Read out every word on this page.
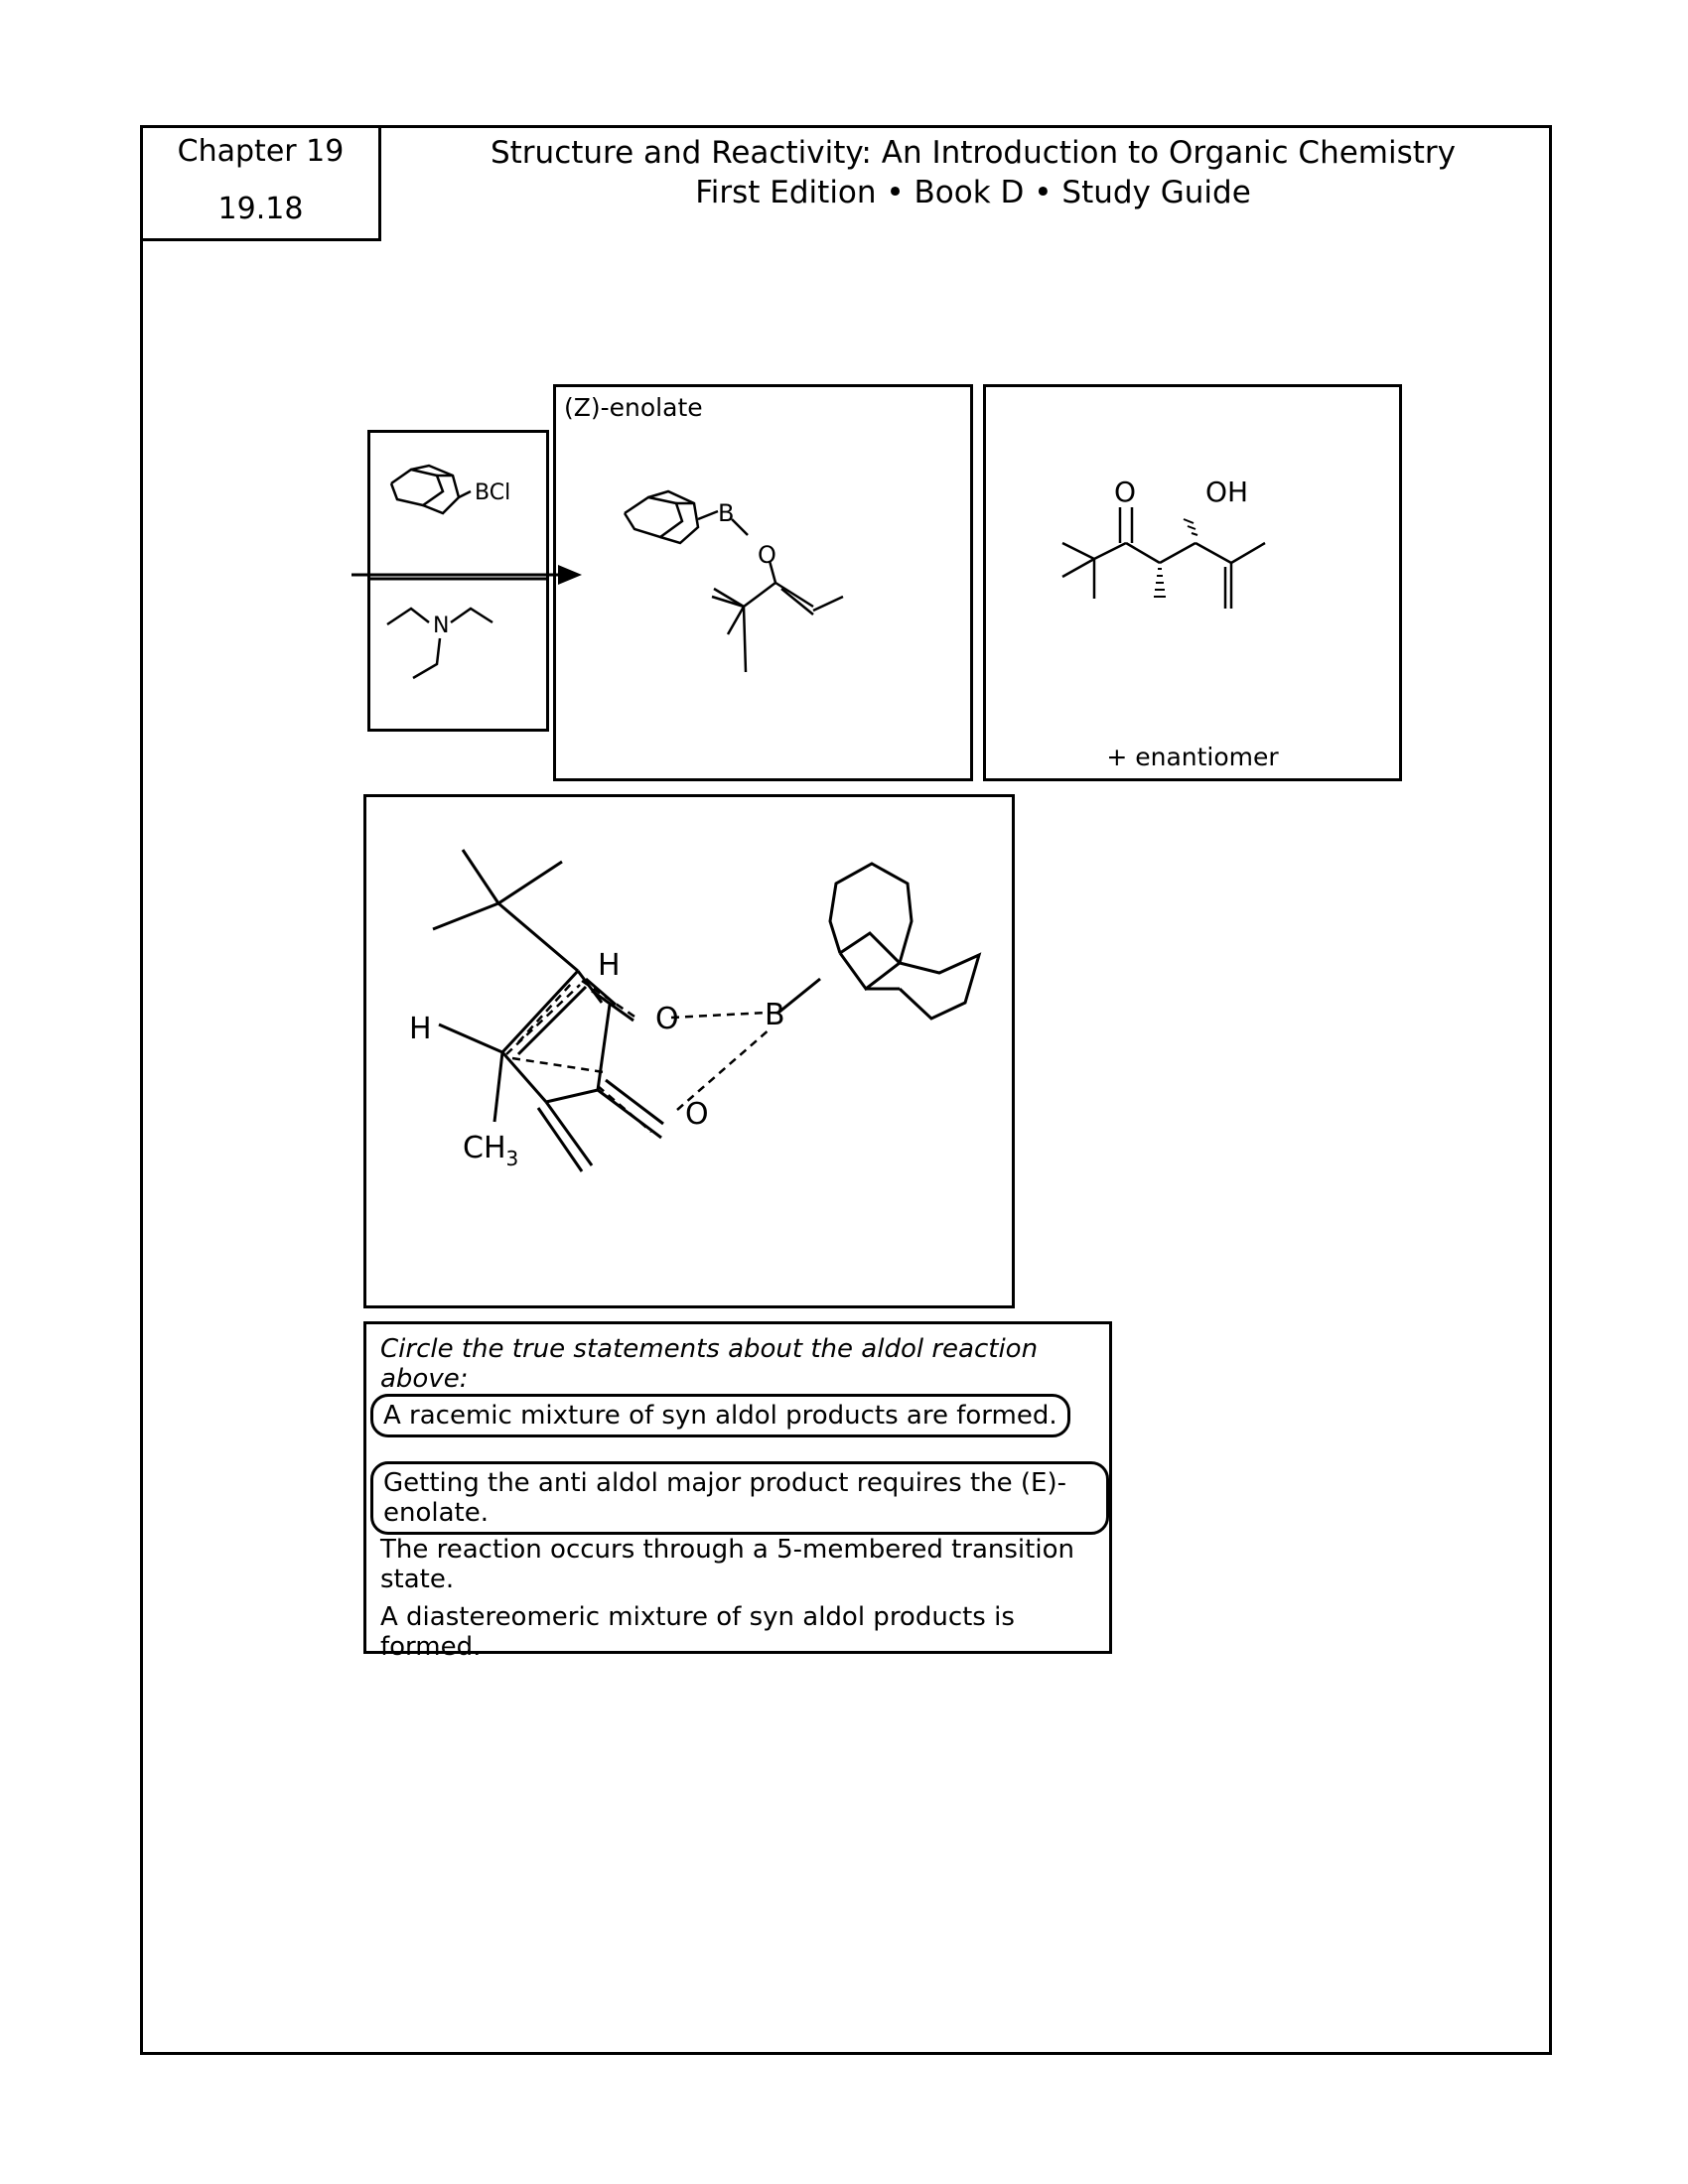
Chapter 19
19.18
Structure and Reactivity: An Introduction to Organic Chemistry
First Edition • Book D • Study Guide
BCl
N
(Z)-enolate
B
O
O OH
+ enantiomer
H
H	O
O
B
$CH_3$
Circle the true statements about the aldol reaction above:
A racemic mixture of syn aldol products are formed.
Getting the anti aldol major product requires the (E)-enolate.
The reaction occurs through a 5-membered transition state.
A diastereomeric mixture of syn aldol products is formed.
